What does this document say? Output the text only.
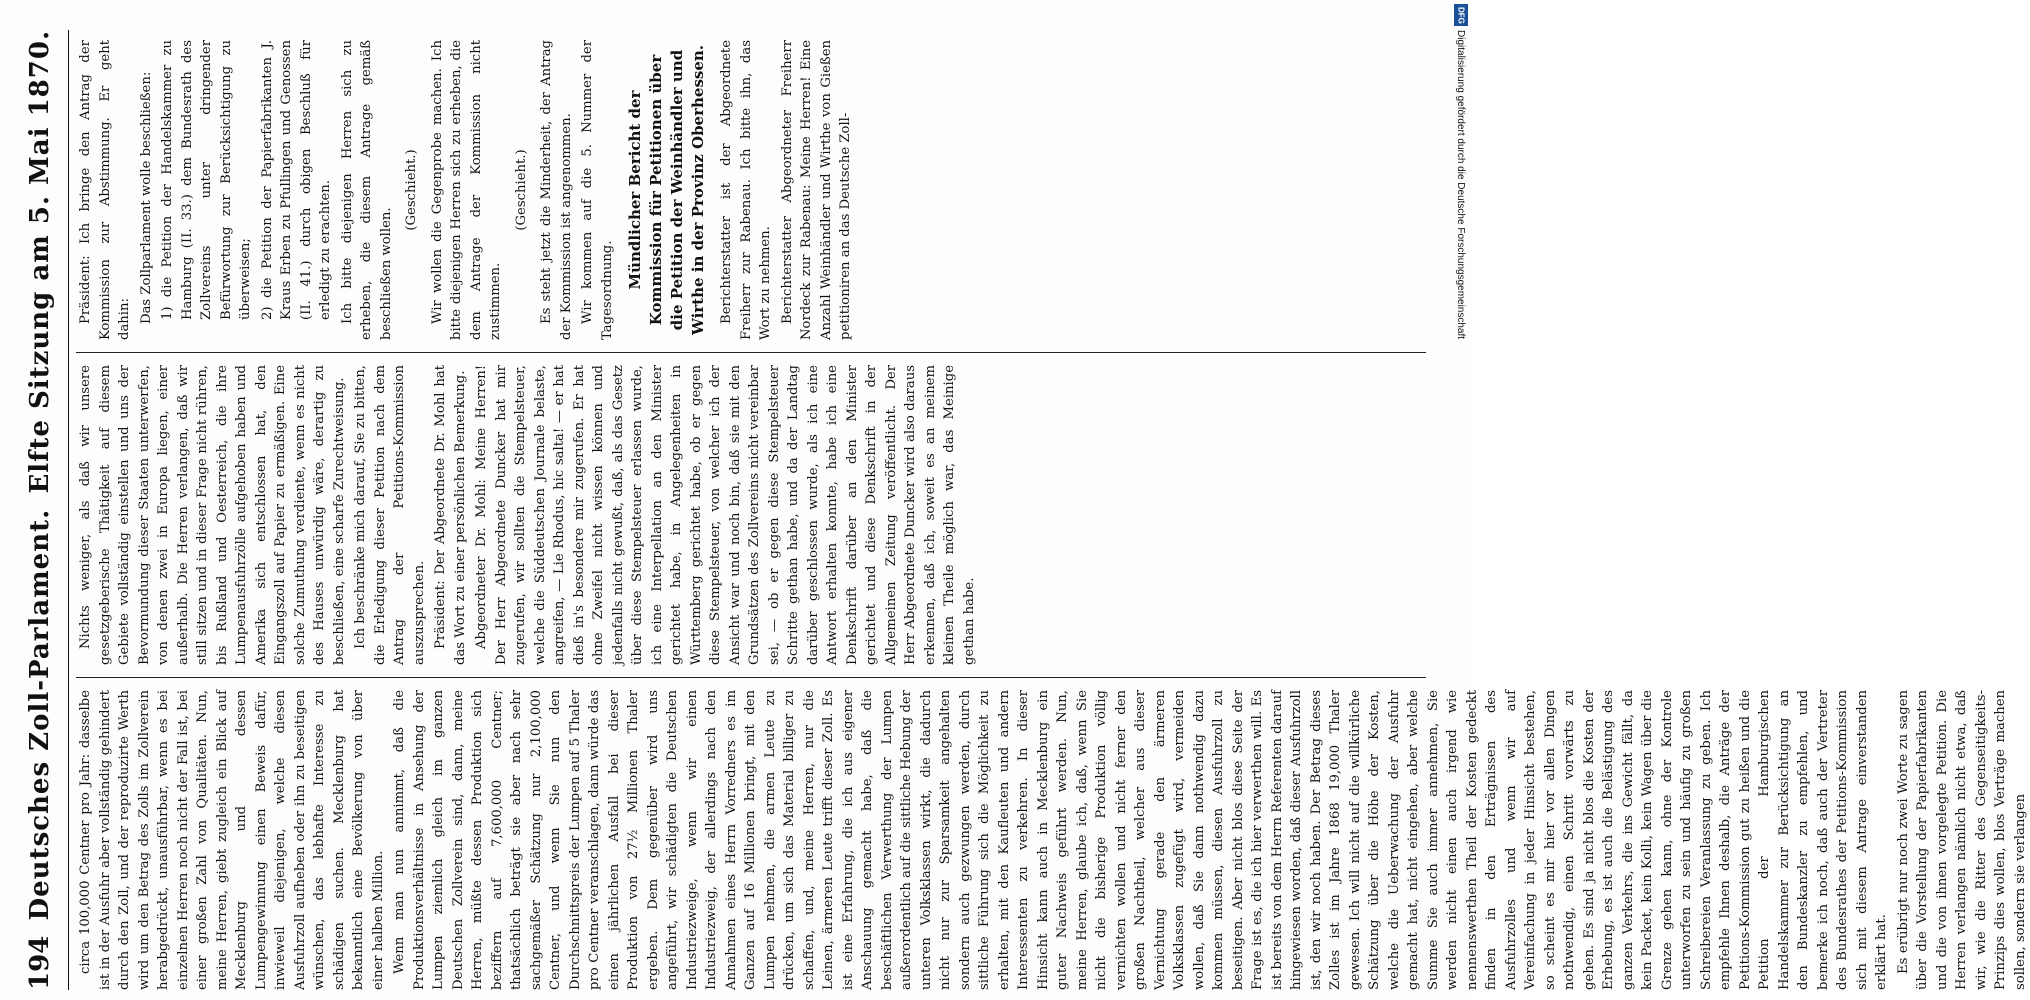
194
Deutsches Zoll-Parlament.
Elfte Sitzung am 5. Mai 1870.

circa 100,000 Centner pro Jahr: dasselbe ist in der Ausfuhr aber vollständig gehindert durch den Zoll, und der reproduzirte Werth wird um den Betrag des Zolls im Zollverein herabgedrückt, unausführbar, wenn es bei einzelnen Herren noch nicht der Fall ist, bei einer großen Zahl von Qualitäten. Nun, meine Herren, giebt zugleich ein Blick auf Mecklenburg und dessen Lumpengewinnung einen Beweis dafür, inwieweil diejenigen, welche diesen Ausfuhrzoll aufheben oder ihn zu beseitigen wünschen, das lebhafte Interesse zu schädigen suchen. Mecklenburg hat bekanntlich eine Bevölkerung von über einer halben Million. Wenn man nun annimmt, daß die Produktionsverhältnisse in Ansehung der Lumpen ziemlich gleich im ganzen Deutschen Zollverein sind, dann, meine Herren, müßte dessen Produktion sich beziffern auf 7,600,000 Centner; thatsächlich beträgt sie aber nach sehr sachgemäßer Schätzung nur 2,100,000 Centner, und wenn Sie nun den Durchschnittspreis der Lumpen auf 5 Thaler pro Centner veranschlagen, dann würde das einen jährlichen Ausfall bei dieser Produktion von 27½ Millionen Thaler ergeben. Dem gegenüber wird uns angeführt, wir schädigten die Deutschen Industriezweige, wenn wir einen Industriezweig, der allerdings nach den Annahmen eines Herrn Vorredners es im Ganzen auf 16 Millionen bringt, mit den Lumpen nehmen, die armen Leute zu drücken, um sich das Material billiger zu schaffen, und, meine Herren, nur die Leinen, ärmeren Leute trifft dieser Zoll. Es ist eine Erfahrung, die ich aus eigener Anschauung gemacht habe, daß die beschäftlichen Verwerthung der Lumpen außerordentlich auf die sittliche Hebung der unteren Volksklassen wirkt, die dadurch nicht nur zur Sparsamkeit angehalten sondern auch gezwungen werden, durch sittliche Führung sich die Möglichkeit zu erhalten, mit den Kaufleuten und andern Interessenten zu verkehren. In dieser Hinsicht kann auch in Mecklenburg ein guter Nachweis geführt werden. Nun, meine Herren, glaube ich, daß, wenn Sie nicht die bisherige Produktion völlig vernichten wollen und nicht ferner den großen Nachtheil, welcher aus dieser Vernichtung gerade den ärmeren Volksklassen zugefügt wird, vermeiden wollen, daß Sie dann nothwendig dazu kommen müssen, diesen Ausfuhrzoll zu beseitigen. Aber nicht blos diese Seite der Frage ist es, die ich hier verwerthen will. Es ist bereits von dem Herrn Referenten darauf hingewiesen worden, daß dieser Ausfuhrzoll ist, den wir noch haben. Der Betrag dieses Zolles ist im Jahre 1868 19,000 Thaler gewesen. Ich will nicht auf die willkürliche Schätzung über die Höhe der Kosten, welche die Ueberwachung der Ausfuhr gemacht hat, nicht eingehen, aber welche Summe Sie auch immer annehmen, Sie werden nicht einen auch irgend wie nennenswerthen Theil der Kosten gedeckt finden in den Erträgnissen des Ausfuhrzolles und wenn wir auf Vereinfachung in jeder Hinsicht bestehen, so scheint es mir hier vor allen Dingen nothwendig, einen Schritt vorwärts zu gehen. Es sind ja nicht blos die Kosten der Erhebung, es ist auch die Belästigung des ganzen Verkehrs, die ins Gewicht fällt, da kein Packet, kein Kolli, kein Wagen über die Grenze gehen kann, ohne der Kontrole unterworfen zu sein und häufig zu großen Schreibereien Veranlassung zu geben. Ich empfehle Ihnen deshalb, die Anträge der Petitions-Kommission gut zu heißen und die Petition der Hamburgischen Handelskammer zur Berücksichtigung an den Bundeskanzler zu empfehlen, und bemerke ich noch, daß auch der Vertreter des Bundesrathes der Petitions-Kommission sich mit diesem Antrage einverstanden erklärt hat. Es erübrigt nur noch zwei Worte zu sagen über die Vorstellung der Papierfabrikanten und die von ihnen vorgelegte Petition. Die Herren verlangen nämlich nicht etwa, daß wir, wie die Ritter des Gegenseitigkeits-Prinzips dies wollen, blos Verträge machen sollen, sondern sie verlangen

Nichts weniger, als daß wir unsere gesetzgeberische Thätigkeit auf diesem Gebiete vollständig einstellen und uns der Bevormundung dieser Staaten unterwerfen, von denen zwei in Europa liegen, einer außerhalb. Die Herren verlangen, daß wir still sitzen und in dieser Frage nicht rühren, bis Rußland und Oesterreich, die ihre Lumpenausfuhrzölle aufgehoben haben und Amerika sich entschlossen hat, den Eingangszoll auf Papier zu ermäßigen. Eine solche Zumuthung verdiente, wenn es nicht des Hauses unwürdig wäre, derartig zu beschließen, eine scharfe Zurechtweisung. Ich beschränke mich darauf, Sie zu bitten, die Erledigung dieser Petition nach dem Antrag der Petitions-Kommission auszusprechen. Präsident: Der Abgeordnete Dr. Mohl hat das Wort zu einer persönlichen Bemerkung. Abgeordneter Dr. Mohl: Meine Herren! Der Herr Abgeordnete Duncker hat mir zugerufen, wir sollten die Stempelsteuer, welche die Süddeutschen Journale belaste, angreifen, — Lie Rhodus, hic salta! — er hat dieß in's besondere mir zugerufen. Er hat ohne Zweifel nicht wissen können und jedenfalls nicht gewußt, daß, als das Gesetz über diese Stempelsteuer erlassen wurde, ich eine Interpellation an den Minister gerichtet habe, in Angelegenheiten in Württemberg gerichtet habe, ob er gegen diese Stempelsteuer, von welcher ich der Ansicht war und noch bin, daß sie mit den Grundsätzen des Zollvereins nicht vereinbar sei, — ob er gegen diese Stempelsteuer Schritte gethan habe, und da der Landtag darüber geschlossen wurde, als ich eine Antwort erhalten konnte, habe ich eine Denkschrift darüber an den Minister gerichtet und diese Denkschrift in der Allgemeinen Zeitung veröffentlicht. Der Herr Abgeordnete Duncker wird also daraus erkennen, daß ich, soweit es an meinem kleinen Theile möglich war, das Meinige gethan habe.

Präsident: Ich bringe den Antrag der Kommission zur Abstimmung. Er geht dahin: Das Zollparlament wolle beschließen: 1) die Petition der Handelskammer zu Hamburg (II. 33.) dem Bundesrath des Zollvereins unter dringender Befürwortung zur Berücksichtigung zu überweisen; 2) die Petition der Papierfabrikanten J. Kraus Erben zu Pfullingen und Genossen (II. 41.) durch obigen Beschluß für erledigt zu erachten. Ich bitte diejenigen Herren sich zu erheben, die diesem Antrage gemäß beschließen wollen.

(Geschieht.) Wir wollen die Gegenprobe machen. Ich bitte diejenigen Herren sich zu erheben, die dem Antrage der Kommission nicht zustimmen.

(Geschieht.) Es steht jetzt die Minderheit, der Antrag der Kommission ist angenommen. Wir kommen auf die 5. Nummer der Tagesordnung.

Mündlicher Bericht der Kommission für Petitionen über die Petition der Weinhändler und Wirthe in der Provinz Oberhessen. Berichterstatter ist der Abgeordnete Freiherr zur Rabenau. Ich bitte ihn, das Wort zu nehmen. Berichterstatter Abgeordneter Freiherr Nordeck zur Rabenau: Meine Herren! Eine Anzahl Weinhändler und Wirthe von Gießen petitioniren an das Deutsche Zoll-

DFG
Digitalisierung gefördert durch die Deutsche Forschungsgemeinschaft
